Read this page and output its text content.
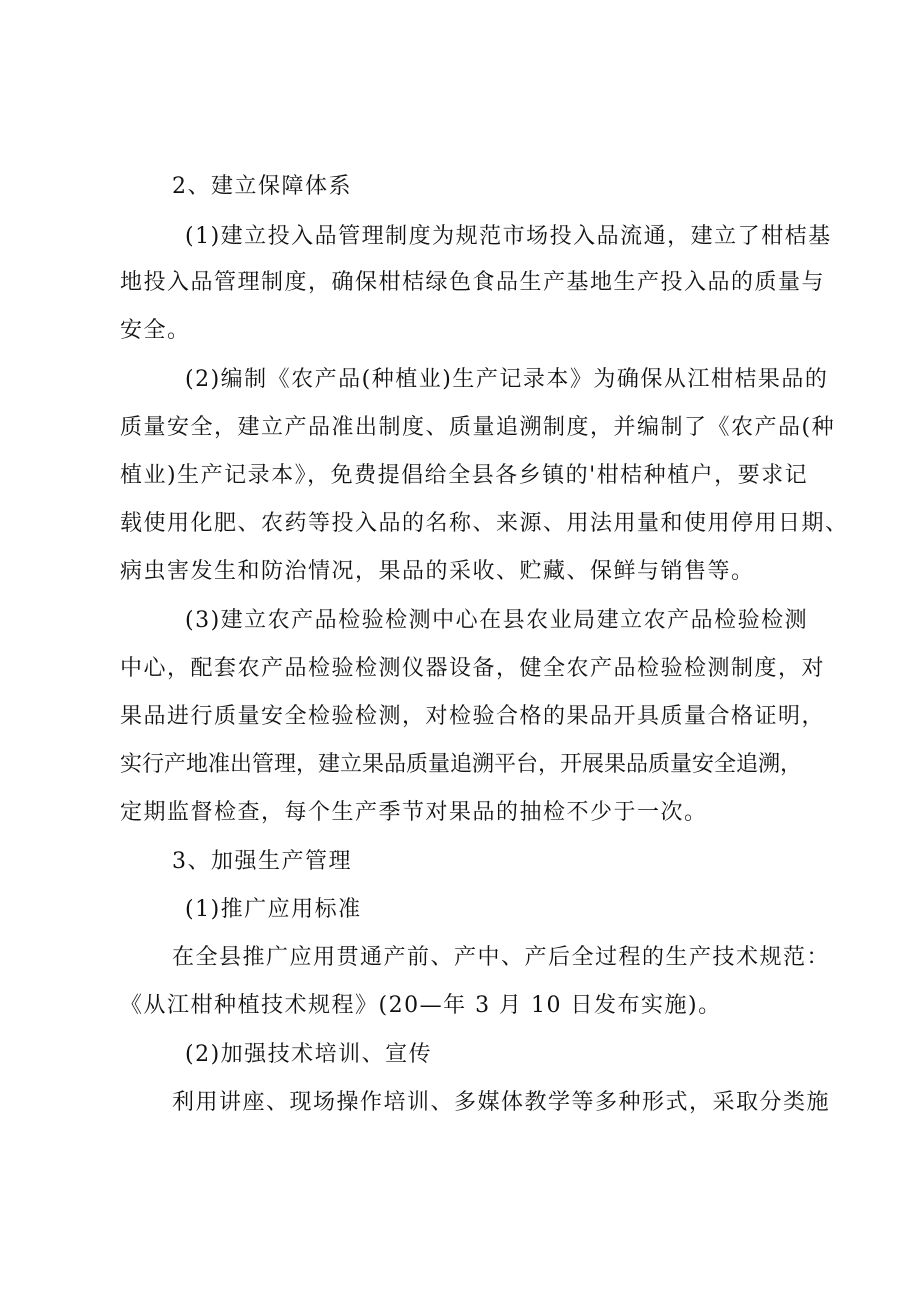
2、建立保障体系
(1)建立投入品管理制度为规范市场投入品流通，建立了柑桔基
地投入品管理制度，确保柑桔绿色食品生产基地生产投入品的质量与
安全。
(2)编制《农产品(种植业)生产记录本》为确保从江柑桔果品的
质量安全，建立产品准出制度、质量追溯制度，并编制了《农产品(种
植业)生产记录本》，免费提倡给全县各乡镇的'柑桔种植户，要求记
载使用化肥、农药等投入品的名称、来源、用法用量和使用停用日期、
病虫害发生和防治情况，果品的采收、贮藏、保鲜与销售等。
(3)建立农产品检验检测中心在县农业局建立农产品检验检测
中心，配套农产品检验检测仪器设备，健全农产品检验检测制度，对
果品进行质量安全检验检测，对检验合格的果品开具质量合格证明，
实行产地准出管理，建立果品质量追溯平台，开展果品质量安全追溯，
定期监督检查，每个生产季节对果品的抽检不少于一次。
3、加强生产管理
(1)推广应用标准
在全县推广应用贯通产前、产中、产后全过程的生产技术规范：
《从江柑种植技术规程》(20—年 3 月 10 日发布实施)。
(2)加强技术培训、宣传
利用讲座、现场操作培训、多媒体教学等多种形式，采取分类施
